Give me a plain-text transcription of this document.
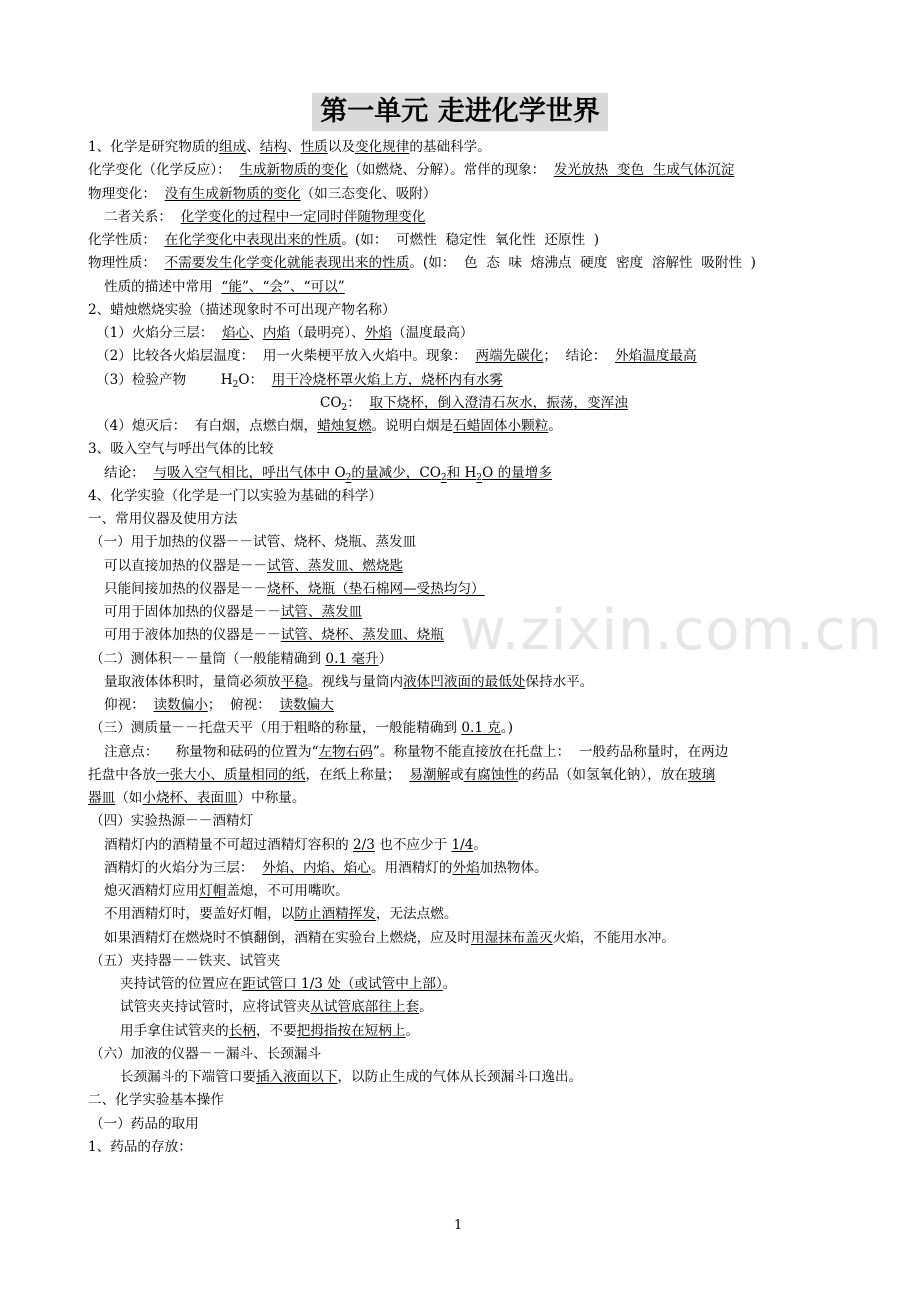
w.zixin.com.cn
第一单元 走进化学世界
1、化学是研究物质的组成、结构、性质以及变化规律的基础科学。
化学变化（化学反应）：  生成新物质的变化（如燃烧、分解）。常伴的现象：  发光放热  变色  生成气体沉淀
物理变化：  没有生成新物质的变化（如三态变化、吸附）
二者关系：  化学变化的过程中一定同时伴随物理变化
化学性质：  在化学变化中表现出来的性质。(如：  可燃性  稳定性  氧化性  还原性  )
物理性质：  不需要发生化学变化就能表现出来的性质。(如：  色  态  味  熔沸点  硬度  密度  溶解性  吸附性  )
性质的描述中常用  “能”、“会”、“可以”
2、蜡烛燃烧实验（描述现象时不可出现产物名称）
（1）火焰分三层：  焰心、内焰（最明亮）、外焰（温度最高）
（2）比较各火焰层温度：  用一火柴梗平放入火焰中。现象：  两端先碳化；  结论：  外焰温度最高
（3）检验产物        $H_2O$：  用干冷烧杯罩火焰上方，烧杯内有水雾
$CO_2$：  取下烧杯，倒入澄清石灰水，振荡，变浑浊
（4）熄灭后：  有白烟，点燃白烟，蜡烛复燃。说明白烟是石蜡固体小颗粒。
3、吸入空气与呼出气体的比较
结论：  与吸入空气相比，呼出气体中 $O_2$的量减少，$CO_2$和 $H_2O$ 的量增多
4、化学实验（化学是一门以实验为基础的科学）
一、常用仪器及使用方法
（一）用于加热的仪器－－试管、烧杯、烧瓶、蒸发皿
可以直接加热的仪器是－－试管、蒸发皿、燃烧匙
只能间接加热的仪器是－－烧杯、烧瓶（垫石棉网—受热均匀）
可用于固体加热的仪器是－－试管、蒸发皿
可用于液体加热的仪器是－－试管、烧杯、蒸发皿、烧瓶
（二）测体积－－量筒（一般能精确到 0.1 毫升）
量取液体体积时，量筒必须放平稳。视线与量筒内液体凹液面的最低处保持水平。
仰视：  读数偏小；  俯视：  读数偏大
（三）测质量－－托盘天平（用于粗略的称量，一般能精确到 0.1 克。)
注意点：    称量物和砝码的位置为“左物右码”。称量物不能直接放在托盘上：  一般药品称量时，在两边
托盘中各放一张大小、质量相同的纸，在纸上称量；  易潮解或有腐蚀性的药品（如氢氧化钠），放在玻璃
器皿（如小烧杯、表面皿）中称量。
（四）实验热源－－酒精灯
酒精灯内的酒精量不可超过酒精灯容积的 2/3 也不应少于 1/4。
酒精灯的火焰分为三层：  外焰、内焰、焰心。用酒精灯的外焰加热物体。
熄灭酒精灯应用灯帽盖熄，不可用嘴吹。
不用酒精灯时，要盖好灯帽，以防止酒精挥发，无法点燃。
如果酒精灯在燃烧时不慎翻倒，酒精在实验台上燃烧，应及时用湿抹布盖灭火焰，不能用水冲。
（五）夹持器－－铁夹、试管夹
夹持试管的位置应在距试管口 1/3 处（或试管中上部）。
试管夹夹持试管时，应将试管夹从试管底部往上套。
用手拿住试管夹的长柄，不要把拇指按在短柄上。
（六）加液的仪器－－漏斗、长颈漏斗
长颈漏斗的下端管口要插入液面以下，以防止生成的气体从长颈漏斗口逸出。
二、化学实验基本操作
（一）药品的取用
1、药品的存放：
1
